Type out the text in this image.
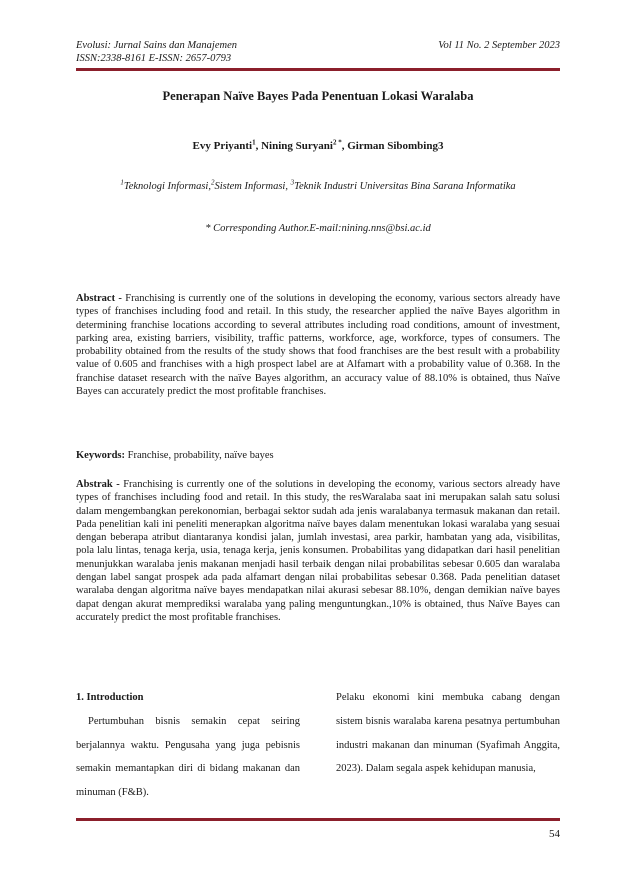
Evolusi: Jurnal Sains dan Manajemen	Vol 11 No. 2 September 2023
ISSN:2338-8161 E-ISSN: 2657-0793
Penerapan Naïve Bayes Pada Penentuan Lokasi Waralaba
Evy Priyanti$^1$, Nining Suryani$^{2 *}$, Girman Sibombing3
$^1$Teknologi Informasi,$^2$Sistem Informasi, $^3$Teknik Industri Universitas Bina Sarana Informatika
* Corresponding Author.E-mail:nining.nns@bsi.ac.id
Abstract - Franchising is currently one of the solutions in developing the economy, various sectors already have types of franchises including food and retail. In this study, the researcher applied the naïve Bayes algorithm in determining franchise locations according to several attributes including road conditions, amount of investment, parking area, existing barriers, visibility, traffic patterns, workforce, age, workforce, types of consumers. The probability obtained from the results of the study shows that food franchises are the best result with a probability value of 0.605 and franchises with a high prospect label are at Alfamart with a probability value of 0.368. In the franchise dataset research with the naïve Bayes algorithm, an accuracy value of 88.10% is obtained, thus Naïve Bayes can accurately predict the most profitable franchises.
Keywords: Franchise, probability, naïve bayes
Abstrak - Franchising is currently one of the solutions in developing the economy, various sectors already have types of franchises including food and retail. In this study, the resWaralaba saat ini merupakan salah satu solusi dalam mengembangkan perekonomian, berbagai sektor sudah ada jenis waralabanya termasuk makanan dan retail. Pada penelitian kali ini peneliti menerapkan algoritma naïve bayes dalam menentukan lokasi waralaba yang sesuai dengan beberapa atribut diantaranya kondisi jalan, jumlah investasi, area parkir, hambatan yang ada, visibilitas, pola lalu lintas, tenaga kerja, usia, tenaga kerja, jenis konsumen. Probabilitas yang didapatkan dari hasil penelitian menunjukkan waralaba jenis makanan menjadi hasil terbaik dengan nilai probabilitas sebesar 0.605 dan waralaba dengan label sangat prospek ada pada alfamart dengan nilai probabilitas sebesar 0.368. Pada penelitian dataset waralaba dengan algoritma naïve bayes mendapatkan nilai akurasi sebesar 88.10%, dengan demikian naïve bayes dapat dengan akurat memprediksi waralaba yang paling menguntungkan.,10% is obtained, thus Naïve Bayes can accurately predict the most profitable franchises.
1. Introduction
Pertumbuhan bisnis semakin cepat seiring berjalannya waktu. Pengusaha yang juga pebisnis semakin memantapkan diri di bidang makanan dan minuman (F&B).
Pelaku ekonomi kini membuka cabang dengan sistem bisnis waralaba karena pesatnya pertumbuhan industri makanan dan minuman (Syafimah Anggita, 2023). Dalam segala aspek kehidupan manusia,
54
